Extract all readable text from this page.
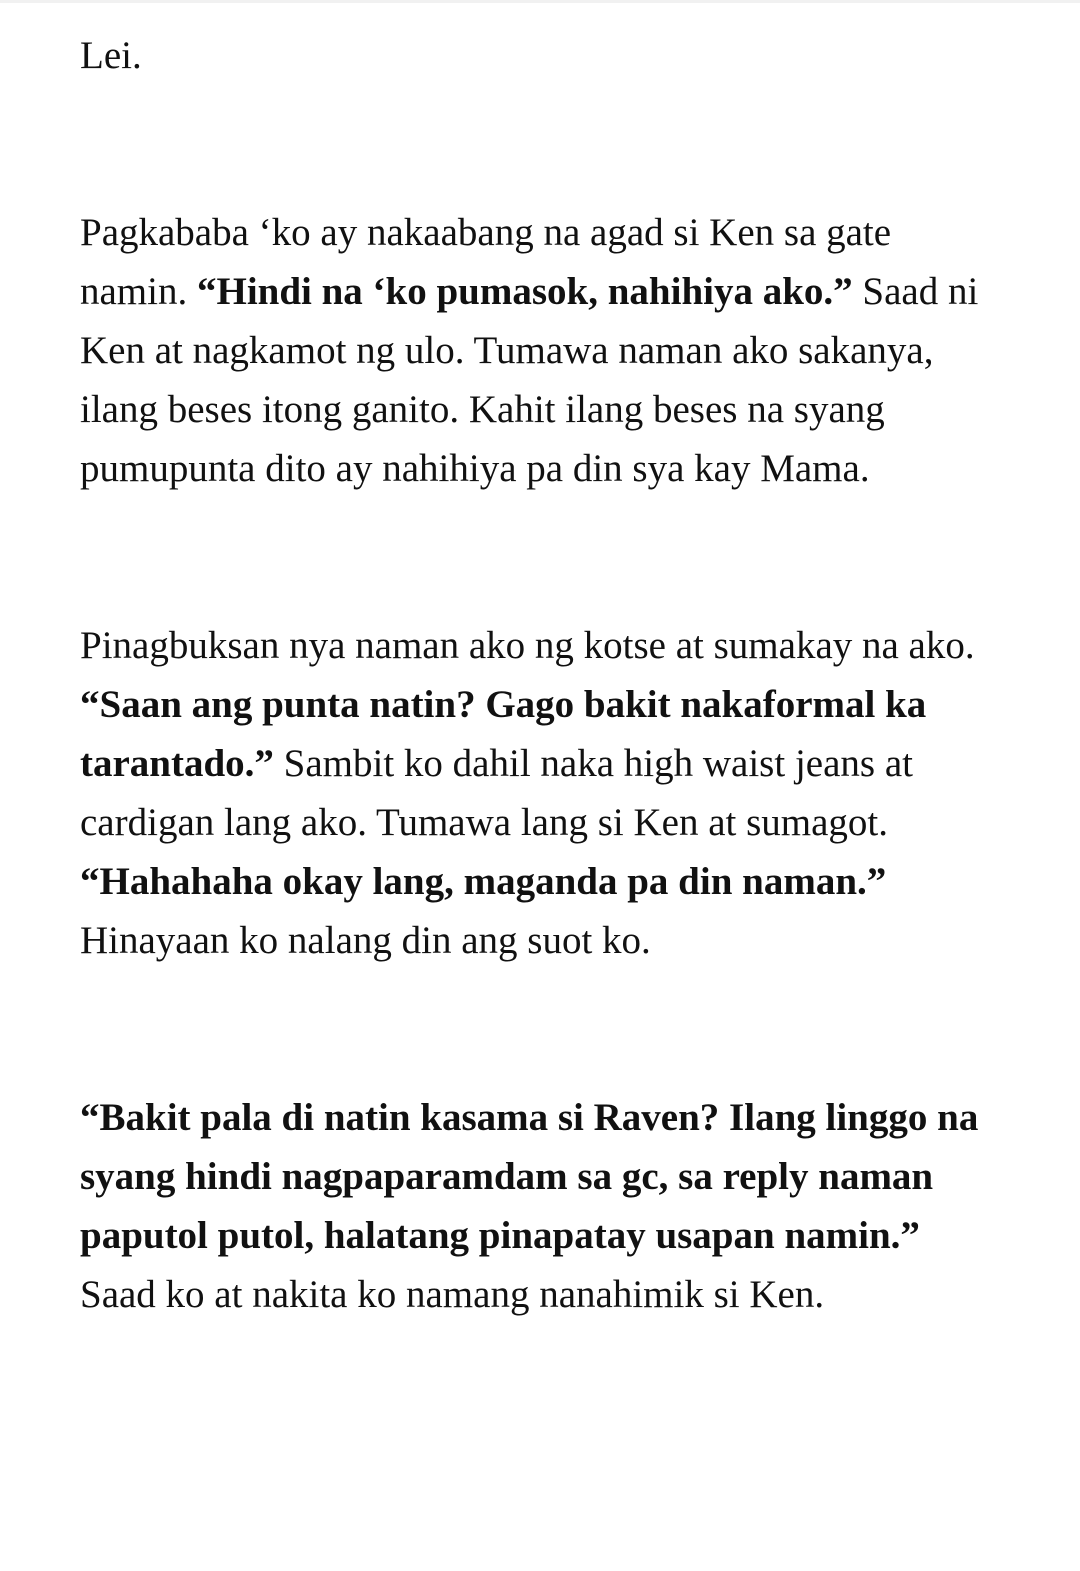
Lei.

Pagkababa ‘ko ay nakaabang na agad si Ken sa gate namin. “Hindi na ‘ko pumasok, nahihiya ako.” Saad ni Ken at nagkamot ng ulo. Tumawa naman ako sakanya, ilang beses itong ganito. Kahit ilang beses na syang pumupunta dito ay nahihiya pa din sya kay Mama.

Pinagbuksan nya naman ako ng kotse at sumakay na ako. “Saan ang punta natin? Gago bakit nakaformal ka tarantado.” Sambit ko dahil naka high waist jeans at cardigan lang ako. Tumawa lang si Ken at sumagot. “Hahahaha okay lang, maganda pa din naman.” Hinayaan ko nalang din ang suot ko.

“Bakit pala di natin kasama si Raven? Ilang linggo na syang hindi nagpaparamdam sa gc, sa reply naman paputol putol, halatang pinapatay usapan namin.” Saad ko at nakita ko namang nanahimik si Ken.
